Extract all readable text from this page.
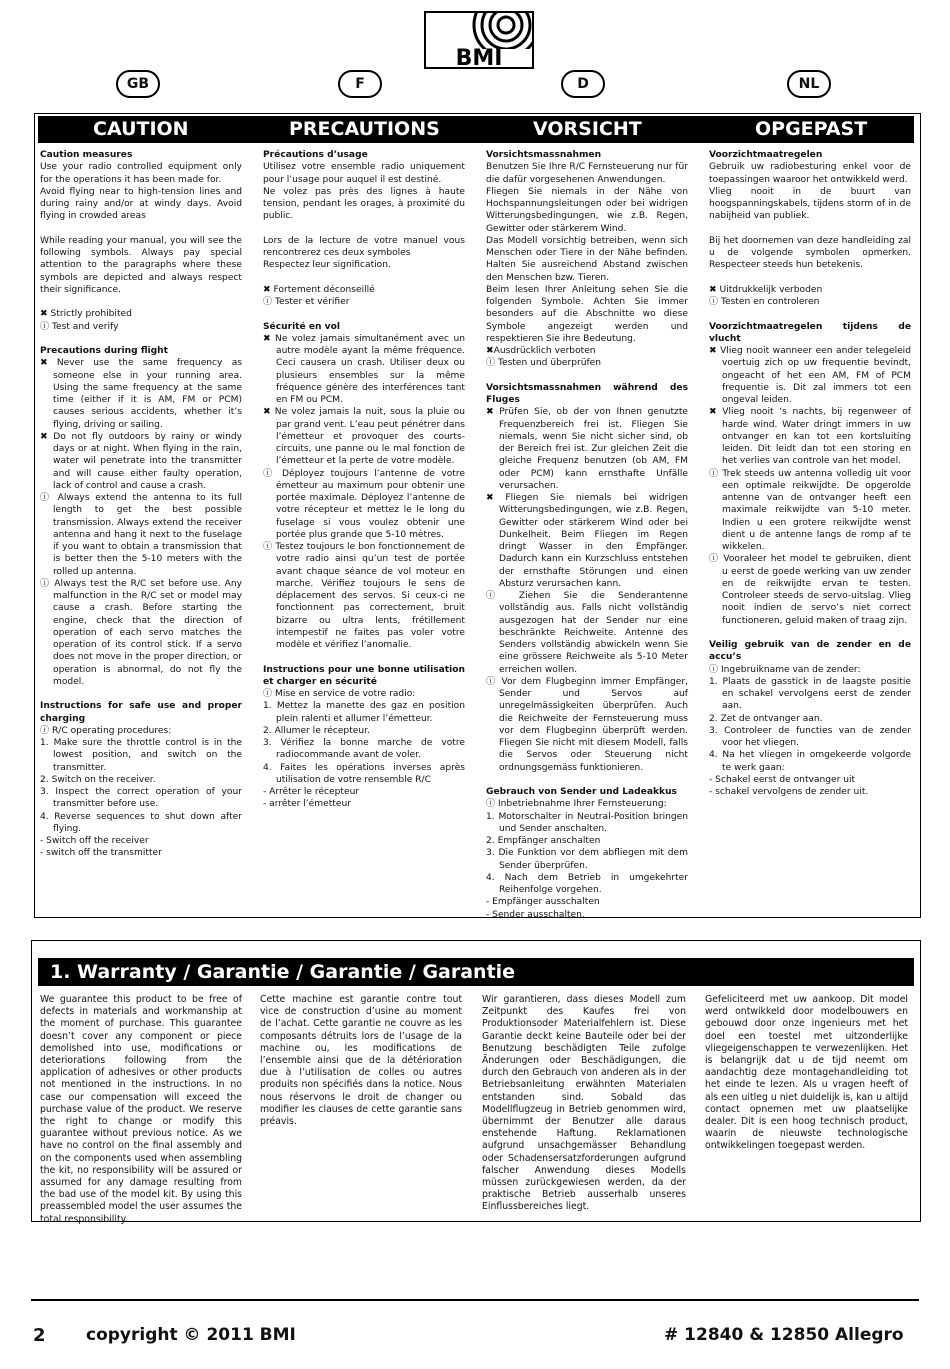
BMI
GB	F	D	NL
CAUTION	PRECAUTIONS	VORSICHT	OPGEPAST
Caution measures
Use your radio controlled equipment only for the operations it has been made for.
Avoid flying near to high-tension lines and during rainy and/or at windy days. Avoid flying in crowded areas
While reading your manual, you will see the following symbols. Always pay special attention to the paragraphs where these symbols are depicted and always respect their significance.
✖ Strictly prohibited
ⓘ Test and verify
Precautions during flight
✖ Never use the same frequency as someone else in your running area. Using the same frequency at the same time (either if it is AM, FM or PCM) causes serious accidents, whether it’s flying, driving or sailing.
✖ Do not fly outdoors by rainy or windy days or at night. When flying in the rain, water wil penetrate into the transmitter and will cause either faulty operation, lack of control and cause a crash.
ⓘ Always extend the antenna to its full length to get the best possible transmission. Always extend the receiver antenna and hang it next to the fuselage if you want to obtain a transmission that is better then the 5-10 meters with the rolled up antenna.
ⓘ Always test the R/C set before use. Any malfunction in the R/C set or model may cause a crash. Before starting the engine, check that the direction of operation of each servo matches the operation of its control stick. If a servo does not move in the proper direction, or operation is abnormal, do not fly the model.
Instructions for safe use and proper charging
ⓘ R/C operating procedures:
1. Make sure the throttle control is in the lowest position, and switch on the transmitter.
2. Switch on the receiver.
3. Inspect the correct operation of your transmitter before use.
4. Reverse sequences to shut down after flying.
- Switch off the receiver
- switch off the transmitter
Précautions d’usage
Utilisez votre ensemble radio uniquement pour l’usage pour auquel il est destiné.
Ne volez pas près des lignes à haute tension, pendant les orages, à proximité du public.
Lors de la lecture de votre manuel vous rencontrerez ces deux symboles
Respectez leur signification.
✖ Fortement déconseillé
ⓘ Tester et vérifier
Sécurité en vol
✖ Ne volez jamais simultanément avec un autre modèle ayant la même fréquence. Ceci causera un crash. Utiliser deux ou plusieurs ensembles sur la même fréquence génère des interférences tant en FM ou PCM.
✖ Ne volez jamais la nuit, sous la pluie ou par grand vent. L’eau peut pénétrer dans l’émetteur et provoquer des courts-circuits, une panne ou le mal fonction de l’émetteur et la perte de votre modèle.
ⓘ Déployez toujours l’antenne de votre émetteur au maximum pour obtenir une portée maximale. Déployez l’antenne de votre récepteur et mettez le le long du fuselage si vous voulez obtenir une portée plus grande que 5-10 mètres.
ⓘ Testez toujours le bon fonctionnement de votre radio ainsi qu’un test de portée avant chaque séance de vol moteur en marche. Vérifiez toujours le sens de déplacement des servos. Si ceux-ci ne fonctionnent pas correctement, bruit bizarre ou ultra lents, frétillement intempestif ne faites pas voler votre modèle et vérifiez l’anomalie.
Instructions pour une bonne utilisation et charger en sécurité
ⓘ Mise en service de votre radio:
1. Mettez la manette des gaz en position plein ralenti et allumer l’émetteur.
2. Allumer le récepteur.
3. Vérifiez la bonne marche de votre radiocommande avant de voler.
4. Faites les opérations inverses après utilisation de votre rensemble R/C
- Arrêter le récepteur
- arrêter l’émetteur
Vorsichtsmassnahmen
Benutzen Sie Ihre R/C Fernsteuerung nur für die dafür vorgesehenen Anwendungen.
Fliegen Sie niemals in der Nähe von Hochspannungsleitungen oder bei widrigen Witterungsbedingungen, wie z.B. Regen, Gewitter oder stärkerem Wind.
Das Modell vorsichtig betreiben, wenn sich Menschen oder Tiere in der Nähe befinden. Halten Sie ausreichend Abstand zwischen den Menschen bzw. Tieren.
Beim lesen Ihrer Anleitung sehen Sie die folgenden Symbole. Achten Sie immer besonders auf die Abschnitte wo diese Symbole angezeigt werden und respektieren Sie ihre Bedeutung.
✖Ausdrücklich verboten
ⓘ Testen und überprüfen
Vorsichtsmassnahmen während des Fluges
✖ Prüfen Sie, ob der von Ihnen genutzte Frequenzbereich frei ist. Fliegen Sie niemals, wenn Sie nicht sicher sind, ob der Bereich frei ist. Zur gleichen Zeit die gleiche Frequenz benutzen (ob AM, FM oder PCM) kann ernsthafte Unfälle verursachen.
✖ Fliegen Sie niemals bei widrigen Witterungsbedingungen, wie z.B. Regen, Gewitter oder stärkerem Wind oder bei Dunkelheit. Beim Fliegen im Regen dringt Wasser in den Empfänger. Dadurch kann ein Kurzschluss entstehen der ernsthafte Störungen und einen Absturz verursachen kann.
ⓘ Ziehen Sie die Senderantenne vollständig aus. Falls nicht vollständig ausgezogen hat der Sender nur eine beschränkte Reichweite. Antenne des Senders vollständig abwickeln wenn Sie eine grössere Reichweite als 5-10 Meter erreichen wollen.
ⓘ Vor dem Flugbeginn immer Empfänger, Sender und Servos auf unregelmässigkeiten überprüfen. Auch die Reichweite der Fernsteuerung muss vor dem Flugbeginn überprüft werden. Fliegen Sie nicht mit diesem Modell, falls die Servos oder Steuerung nicht ordnungsgemäss funktionieren.
Gebrauch von Sender und Ladeakkus
ⓘ Inbetriebnahme Ihrer Fernsteuerung:
1. Motorschalter in Neutral-Position bringen und Sender anschalten.
2. Empfänger anschalten
3. Die Funktion vor dem abfliegen mit dem Sender überprüfen.
4. Nach dem Betrieb in umgekehrter Reihenfolge vorgehen.
- Empfänger ausschalten
- Sender ausschalten.
Voorzichtmaatregelen
Gebruik uw radiobesturing enkel voor de toepassingen waaroor het ontwikkeld werd.
Vlieg nooit in de buurt van hoogspanningskabels, tijdens storm of in de nabijheid van publiek.
Bij het doornemen van deze handleiding zal u de volgende symbolen opmerken. Respecteer steeds hun betekenis.
✖ Uitdrukkelijk verboden
ⓘ Testen en controleren
Voorzichtmaatregelen tijdens de vlucht
✖ Vlieg nooit wanneer een ander telegeleid voertuig zich op uw frequentie bevindt, ongeacht of het een AM, FM of PCM frequentie is. Dit zal immers tot een ongeval leiden.
✖ Vlieg nooit ‘s nachts, bij regenweer of harde wind. Water dringt immers in uw ontvanger en kan tot een kortsluiting leiden. Dit leidt dan tot een storing en het verlies van controle van het model.
ⓘ Trek steeds uw antenna volledig uit voor een optimale reikwijdte. De opgerolde antenne van de ontvanger heeft een maximale reikwijdte van 5-10 meter. Indien u een grotere reikwijdte wenst dient u de antenne langs de romp af te wikkelen.
ⓘ Vooraleer het model te gebruiken, dient u eerst de goede werking van uw zender en de reikwijdte ervan te testen. Controleer steeds de servo-uitslag. Vlieg nooit indien de servo’s niet correct functioneren, geluid maken of traag zijn.
Veilig gebruik van de zender en de accu’s
ⓘ Ingebruikname van de zender:
1. Plaats de gasstick in de laagste positie en schakel vervolgens eerst de zender aan.
2. Zet de ontvanger aan.
3. Controleer de functies van de zender voor het vliegen.
4. Na het vliegen in omgekeerde volgorde te werk gaan:
- Schakel eerst de ontvanger uit
- schakel vervolgens de zender uit.
1. Warranty / Garantie / Garantie / Garantie
We guarantee this product to be free of defects in materials and workmanship at the moment of purchase. This guarantee doesn’t cover any component or piece demolished into use, modifications or deteriorations following from the application of adhesives or other products not mentioned in the instructions. In no case our compensation will exceed the purchase value of the product. We reserve the right to change or modify this guarantee without previous notice. As we have no control on the final assembly and on the components used when assembling the kit, no responsibility will be assured or assumed for any damage resulting from the bad use of the model kit. By using this preassembled model the user assumes the total responsibility.
Cette machine est garantie contre tout vice de construction d’usine au moment de l’achat. Cette garantie ne couvre as les composants détruits lors de l’usage de la machine ou, les modifications de l’ensemble ainsi que de la détérioration due à l’utilisation de colles ou autres produits non spécifiés dans la notice. Nous nous réservons le droit de changer ou modifier les clauses de cette garantie sans préavis.
Wir garantieren, dass dieses Modell zum Zeitpunkt des Kaufes frei von Produktionsoder Materialfehlern ist. Diese Garantie deckt keine Bauteile oder bei der Benutzung beschädigten Teile zufolge Änderungen oder Beschädigungen, die durch den Gebrauch von anderen als in der Betriebsanleitung erwähnten Materialen entstanden sind. Sobald das Modellflugzeug in Betrieb genommen wird, übernimmt der Benutzer alle daraus enstehende Haftung. Reklamationen aufgrund unsachgemässer Behandlung oder Schadensersatzforderungen aufgrund falscher Anwendung dieses Modells müssen zurückgewiesen werden, da der praktische Betrieb ausserhalb unseres Einflussbereiches liegt.
Gefeliciteerd met uw aankoop. Dit model werd ontwikkeld door modelbouwers en gebouwd door onze ingenieurs met het doel een toestel met uitzonderlijke vliegeigenschappen te verwezenlijken. Het is belangrijk dat u de tijd neemt om aandachtig deze montagehandleiding tot het einde te lezen. Als u vragen heeft of als een uitleg u niet duidelijk is, kan u altijd contact opnemen met uw plaatselijke dealer. Dit is een hoog technisch product, waarin de nieuwste technologische ontwikkelingen toegepast werden.
2 copyright © 2011 BMI	# 12840 & 12850 Allegro
